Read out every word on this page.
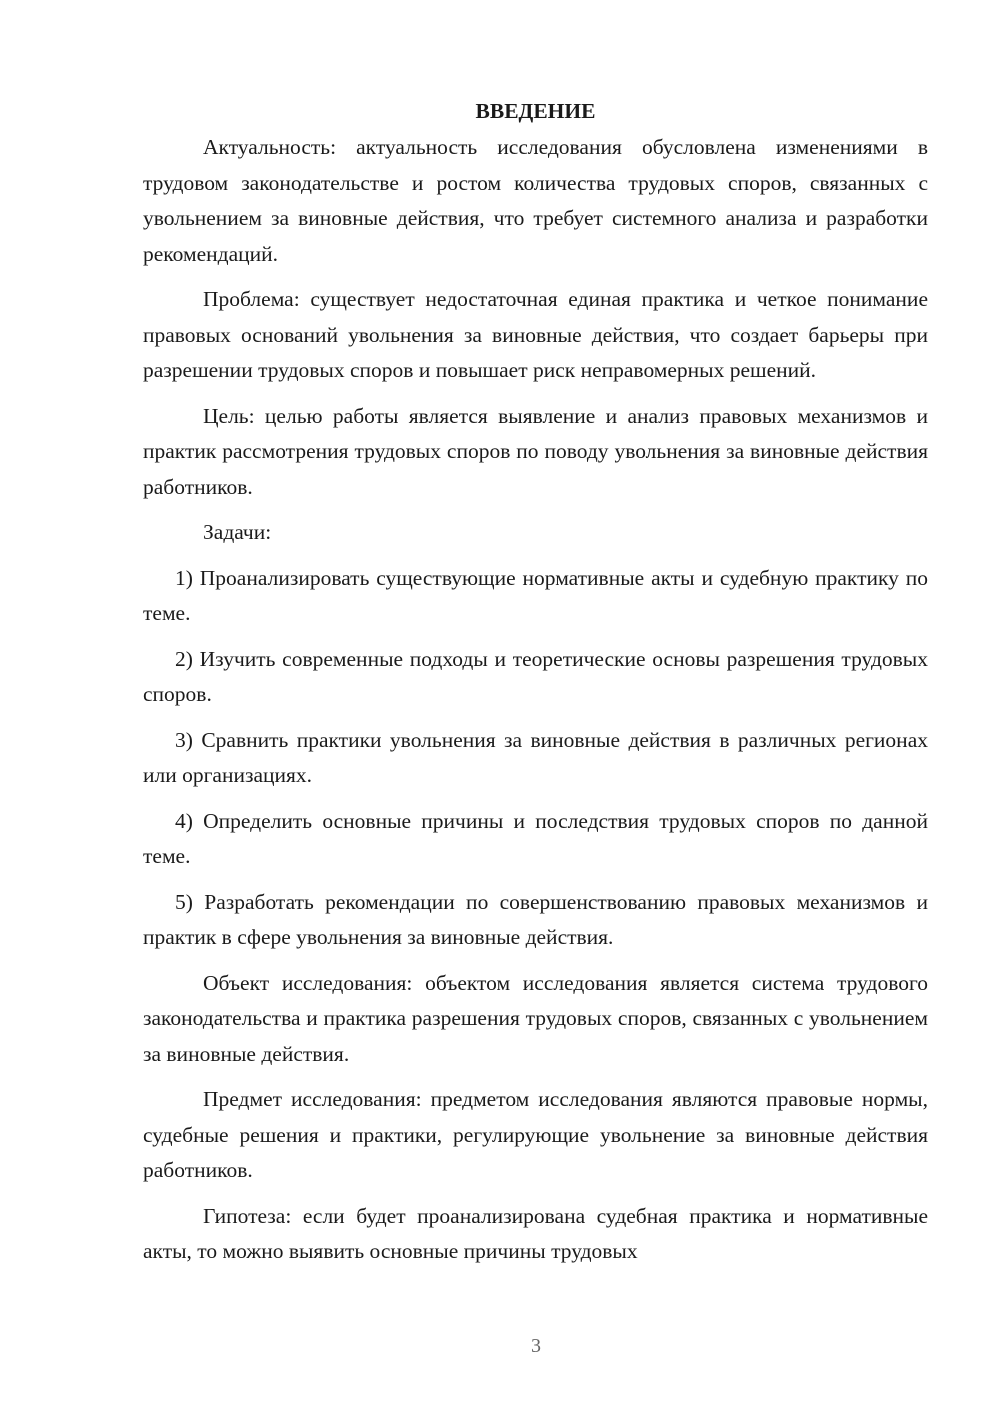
ВВЕДЕНИЕ

Актуальность: актуальность исследования обусловлена изменениями в трудовом законодательстве и ростом количества трудовых споров, связанных с увольнением за виновные действия, что требует системного анализа и разработки рекомендаций.

Проблема: существует недостаточная единая практика и четкое понимание правовых оснований увольнения за виновные действия, что создает барьеры при разрешении трудовых споров и повышает риск неправомерных решений.

Цель: целью работы является выявление и анализ правовых механизмов и практик рассмотрения трудовых споров по поводу увольнения за виновные действия работников.

Задачи:

1) Проанализировать существующие нормативные акты и судебную практику по теме.

2) Изучить современные подходы и теоретические основы разрешения трудовых споров.

3) Сравнить практики увольнения за виновные действия в различных регионах или организациях.

4) Определить основные причины и последствия трудовых споров по данной теме.

5) Разработать рекомендации по совершенствованию правовых механизмов и практик в сфере увольнения за виновные действия.

Объект исследования: объектом исследования является система трудового законодательства и практика разрешения трудовых споров, связанных с увольнением за виновные действия.

Предмет исследования: предметом исследования являются правовые нормы, судебные решения и практики, регулирующие увольнение за виновные действия работников.

Гипотеза: если будет проанализирована судебная практика и нормативные акты, то можно выявить основные причины трудовых

3
